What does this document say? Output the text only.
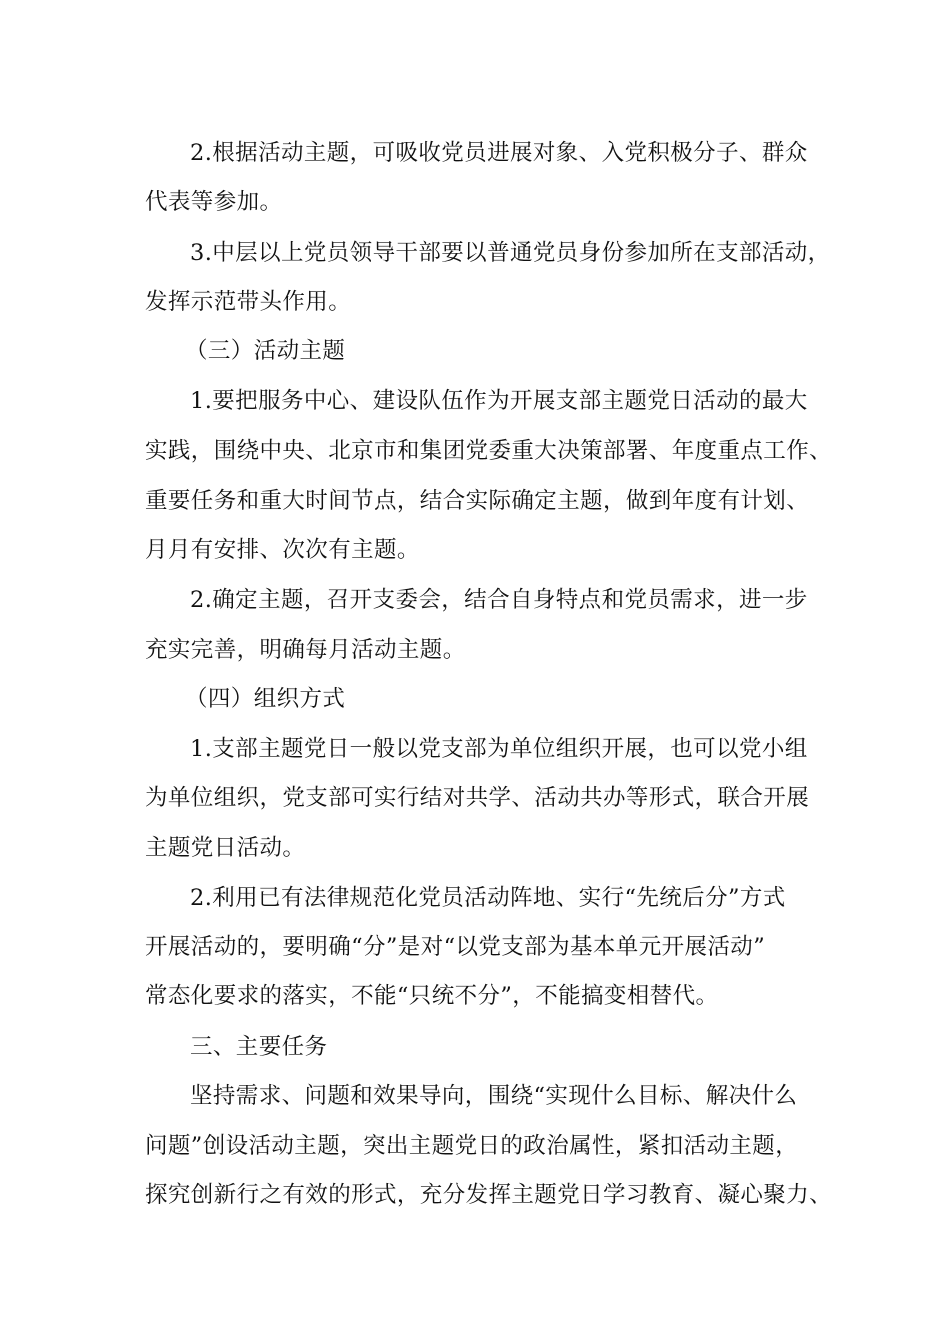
2.根据活动主题，可吸收党员进展对象、入党积极分子、群众
代表等参加。
3.中层以上党员领导干部要以普通党员身份参加所在支部活动，
发挥示范带头作用。
（三）活动主题
1.要把服务中心、建设队伍作为开展支部主题党日活动的最大
实践，围绕中央、北京市和集团党委重大决策部署、年度重点工作、
重要任务和重大时间节点，结合实际确定主题，做到年度有计划、
月月有安排、次次有主题。
2.确定主题，召开支委会，结合自身特点和党员需求，进一步
充实完善，明确每月活动主题。
（四）组织方式
1.支部主题党日一般以党支部为单位组织开展，也可以党小组
为单位组织，党支部可实行结对共学、活动共办等形式，联合开展
主题党日活动。
2.利用已有法律规范化党员活动阵地、实行“先统后分”方式
开展活动的，要明确“分”是对“以党支部为基本单元开展活动”
常态化要求的落实，不能“只统不分”，不能搞变相替代。
三、主要任务
坚持需求、问题和效果导向，围绕“实现什么目标、解决什么
问题”创设活动主题，突出主题党日的政治属性，紧扣活动主题，
探究创新行之有效的形式，充分发挥主题党日学习教育、凝心聚力、
